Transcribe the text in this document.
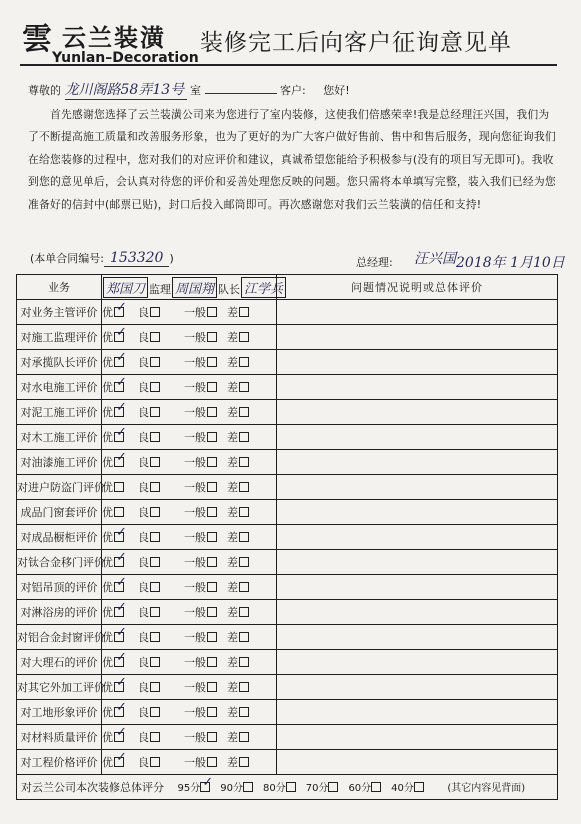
雲 云兰装潢
Yunlan–Decoration
装修完工后向客户征询意见单
尊敬的 龙川阁路58弄13号 室	客户: 您好!
首先感谢您选择了云兰装潢公司来为您进行了室内装修，这使我们倍感荣幸!我是总经理汪兴国，我们为了不断提高施工质量和改善服务形象，也为了更好的为广大客户做好售前、售中和售后服务，现向您征询我们在给您装修的过程中，您对我们的对应评价和建议，真诚希望您能给予积极参与(没有的项目写无即可)。我收到您的意见单后，会认真对待您的评价和妥善处理您反映的问题。您只需将本单填写完整，装入我们已经为您准备好的信封中(邮票已贴)，封口后投入邮筒即可。再次感谢您对我们云兰装潢的信任和支持!
(本单合同编号: 153320 )	总经理: 汪兴国 2018年 1月10日
业务	郑国刀 监理 周国翔 队长 江学兵	问题情况说明或总体评价
对业务主管评价	优 ✓ 良 一般 差	
对施工监理评价	优 ✓ 良 一般 差	
对承揽队长评价	优 ✓ 良 一般 差	
对水电施工评价	优 ✓ 良 一般 差	
对泥工施工评价	优 ✓ 良 一般 差	
对木工施工评价	优 ✓ 良 一般 差	
对油漆施工评价	优 ✓ 良 一般 差	
对进户防盗门评价	优 良 一般 差	
成品门窗套评价	优 良 一般 差	
对成品橱柜评价	优 ✓ 良 一般 差	
对钛合金移门评价	优 ✓ 良 一般 差	
对铝吊顶的评价	优 ✓ 良 一般 差	
对淋浴房的评价	优 ✓ 良 一般 差	
对铝合金封窗评价	优 ✓ 良 一般 差	
对大理石的评价	优 ✓ 良 一般 差	
对其它外加工评价	优 ✓ 良 一般 差	
对工地形象评价	优 ✓ 良 一般 差	
对材料质量评价	优 ✓ 良 一般 差	
对工程价格评价	优 ✓ 良 一般 差	
对云兰公司本次装修总体评分 95分 ✓ 90分 80分 70分 60分 40分 (其它内容见背面)		
